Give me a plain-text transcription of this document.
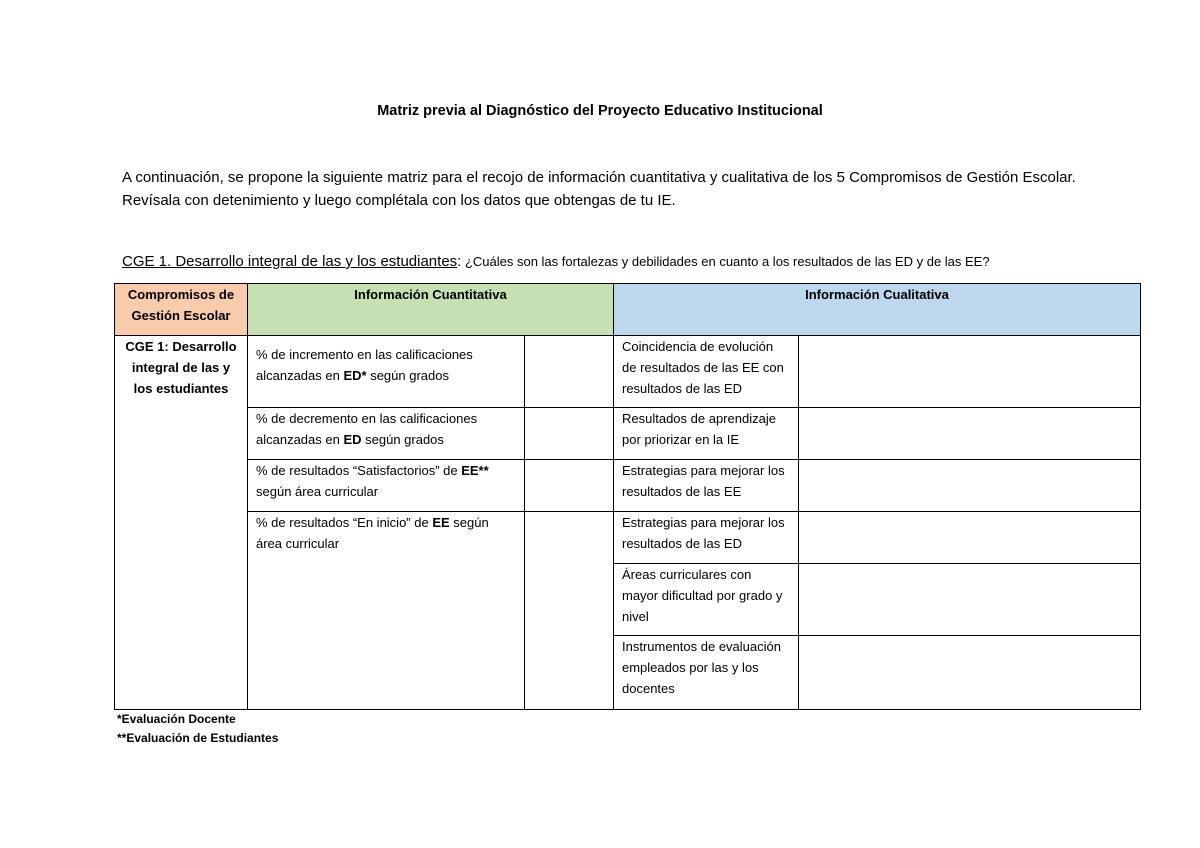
Matriz previa al Diagnóstico del Proyecto Educativo Institucional
A continuación, se propone la siguiente matriz para el recojo de información cuantitativa y cualitativa de los 5 Compromisos de Gestión Escolar. Revísala con detenimiento y luego complétala con los datos que obtengas de tu IE.
CGE 1. Desarrollo integral de las y los estudiantes: ¿Cuáles son las fortalezas y debilidades en cuanto a los resultados de las ED y de las EE?
Compromisos de Gestión Escolar	Información Cuantitativa		Información Cualitativa	
CGE 1: Desarrollo integral de las y los estudiantes	% de incremento en las calificaciones alcanzadas en ED* según grados		Coincidencia de evolución de resultados de las EE con resultados de las ED	
	% de decremento en las calificaciones alcanzadas en ED según grados		Resultados de aprendizaje por priorizar en la IE	
	% de resultados “Satisfactorios” de EE** según área curricular		Estrategias para mejorar los resultados de las EE	
	% de resultados “En inicio” de EE según área curricular		Estrategias para mejorar los resultados de las ED	
			Áreas curriculares con mayor dificultad por grado y nivel	
			Instrumentos de evaluación empleados por las y los docentes	
*Evaluación Docente
**Evaluación de Estudiantes
